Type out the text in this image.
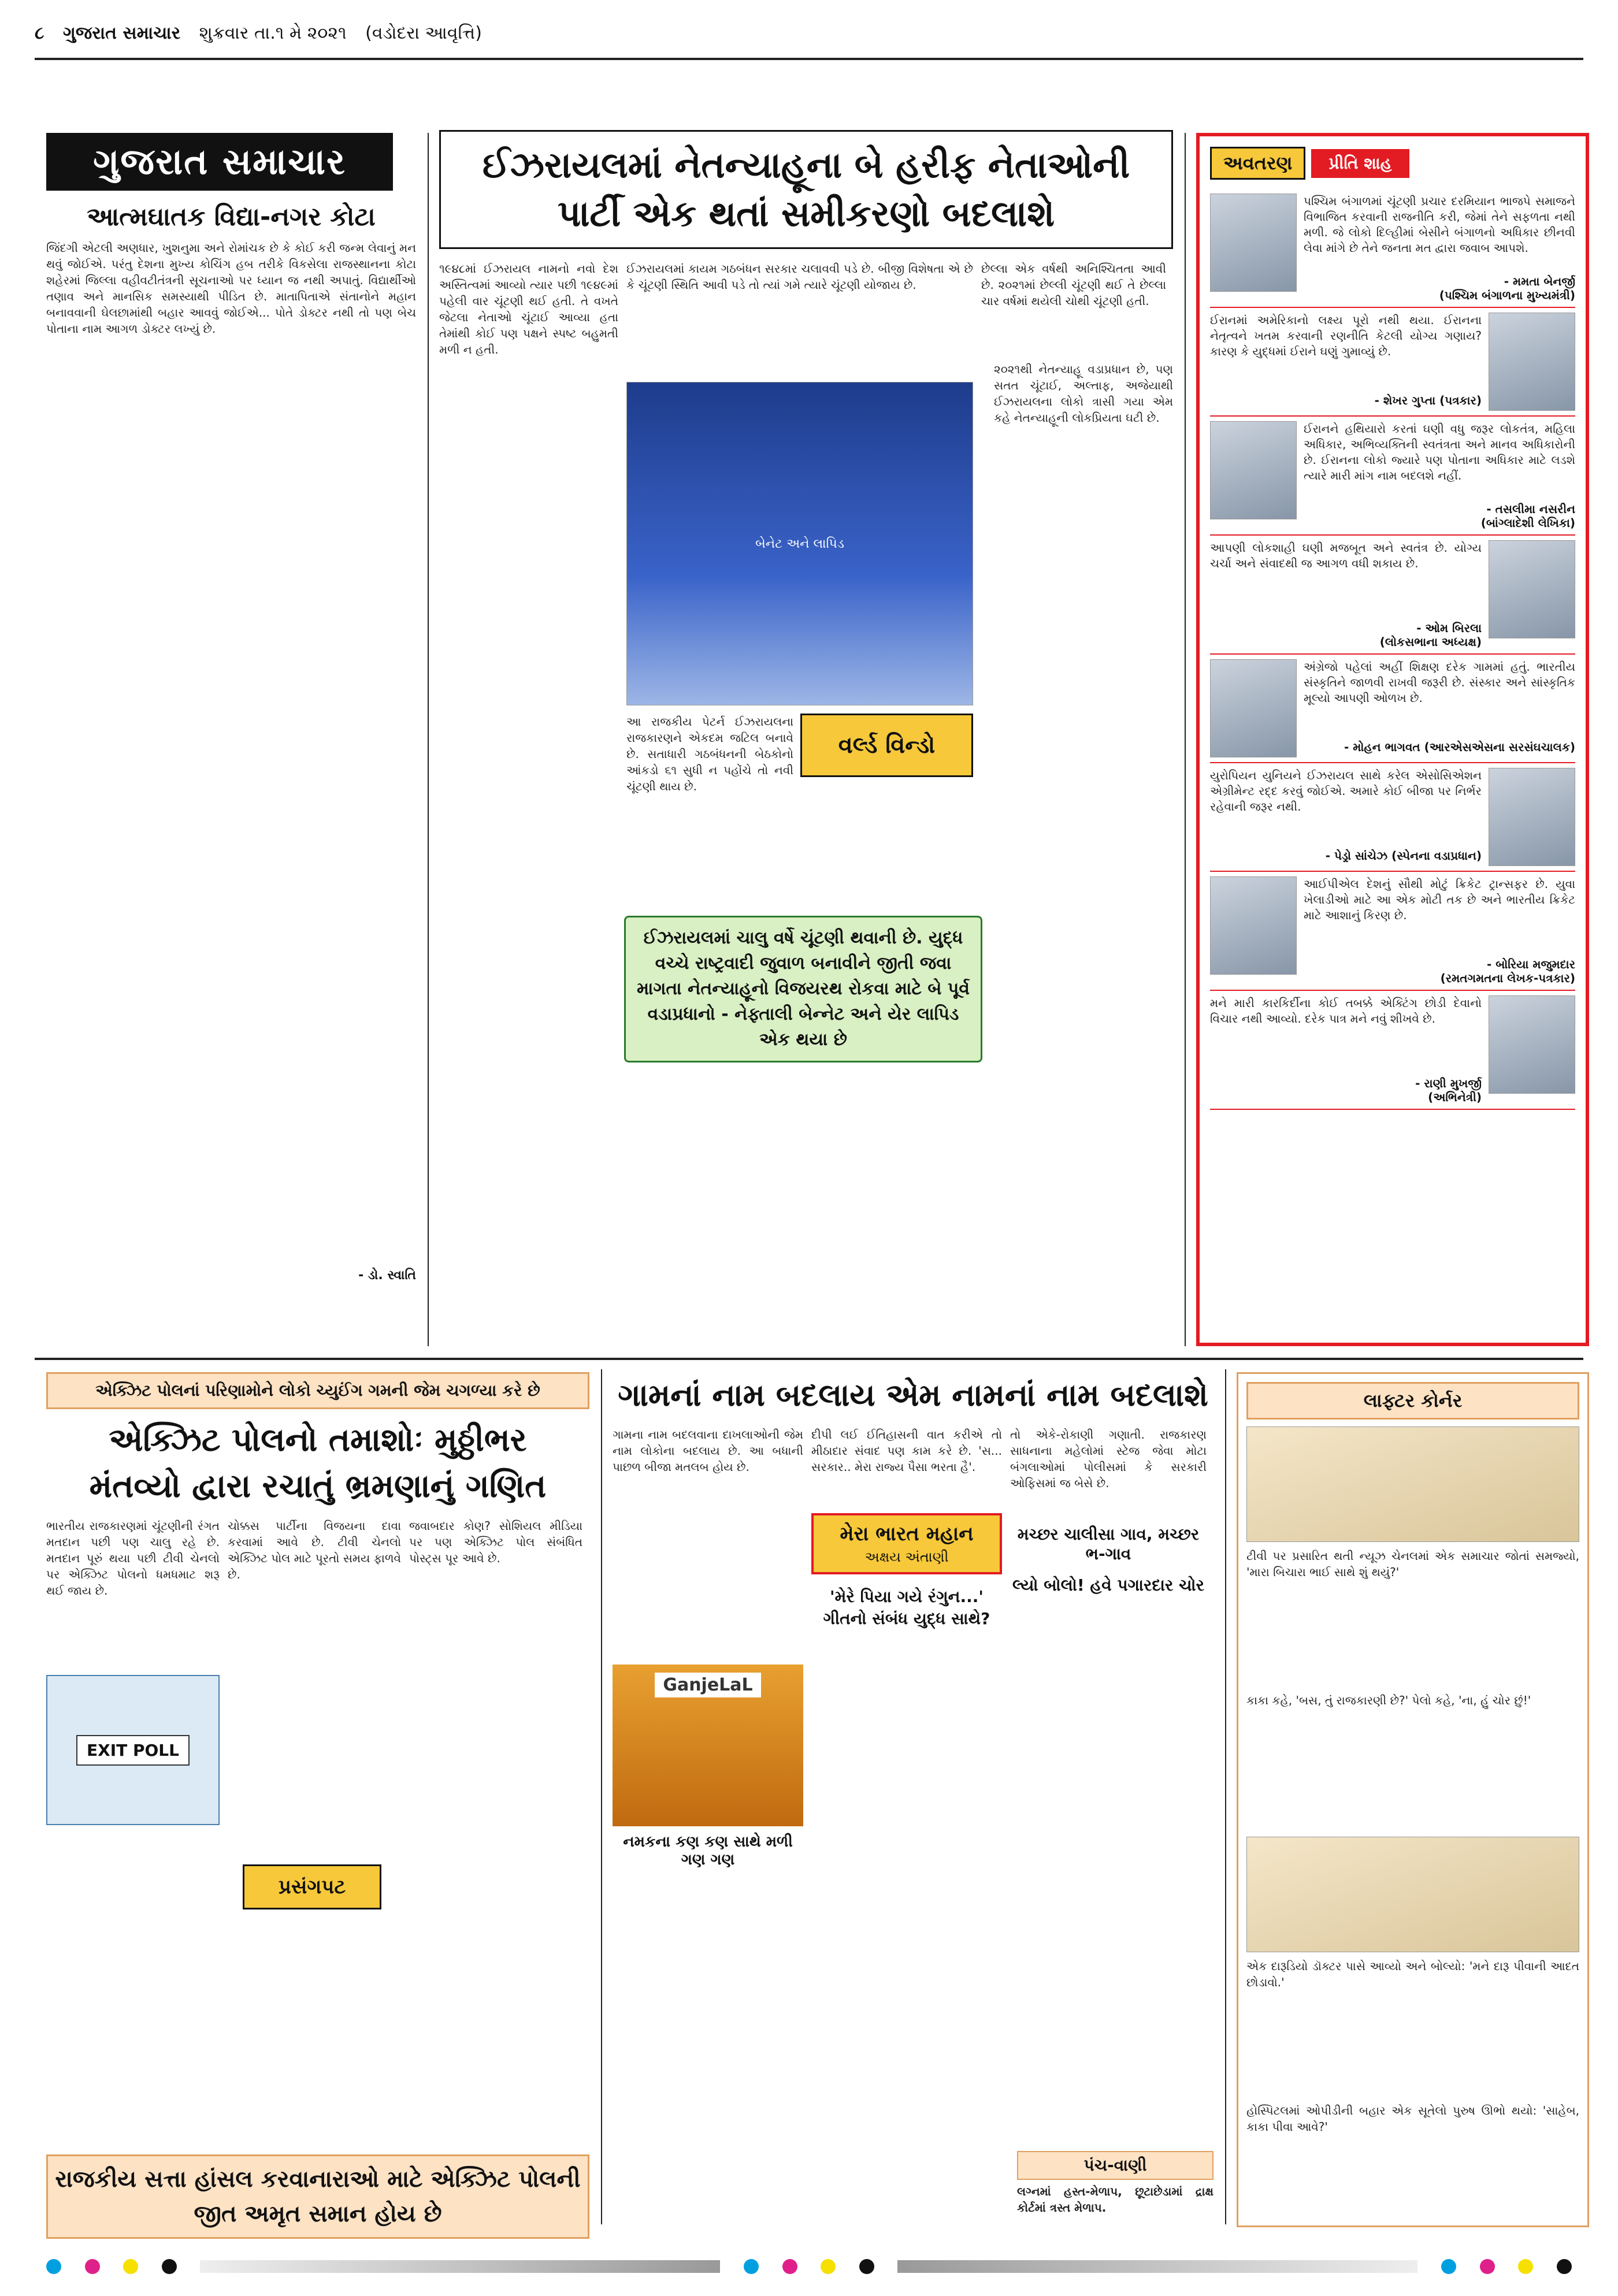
૮ ગુજરાત સમાચાર શુક્રવાર તા.૧ મે ૨૦૨૧ (વડોદરા આવૃત્તિ)
ગુજરાત સમાચાર
આત્મઘાતક વિદ્યા-નગર કોટા
જિંદગી એટલી અણધાર, ખુશનુમા અને રોમાંચક છે કે કોઈ કરી જન્મ લેવાનું મન થવું જોઈએ. પરંતુ દેશના મુખ્ય કોચિંગ હબ તરીકે વિકસેલા રાજસ્થાનના કોટા શહેરમાં જિલ્લા વહીવટીતંત્રની સૂચનાઓ પર ધ્યાન જ નથી અપાતું. વિદ્યાર્થીઓ તણાવ અને માનસિક સમસ્યાથી પીડિત છે. માતાપિતાએ સંતાનોને મહાન બનાવવાની ઘેલછામાંથી બહાર આવવું જોઈએ... પોતે ડોક્ટર નથી તો પણ બેચ પોતાના નામ આગળ ડોક્ટર લખ્યું છે.
- ડો. સ્વાતિ
ઈઝરાયલમાં નેતન્યાહૂના બે હરીફ નેતાઓની
પાર્ટી એક થતાં સમીકરણો બદલાશે
૧૯૪૮માં ઈઝરાયલ નામનો નવો દેશ અસ્તિત્વમાં આવ્યો ત્યાર પછી ૧૯૪૯માં પહેલી વાર ચૂંટણી થઈ હતી. તે વખતે જેટલા નેતાઓ ચૂંટાઈ આવ્યા હતા તેમાંથી કોઈ પણ પક્ષને સ્પષ્ટ બહુમતી મળી ન હતી.
ઈઝરાયલમાં કાયમ ગઠબંધન સરકાર ચલાવવી પડે છે. બીજી વિશેષતા એ છે કે ચૂંટણી સ્થિતિ આવી પડે તો ત્યાં ગમે ત્યારે ચૂંટણી યોજાય છે.
બેનેટ અને લાપિડ
આ રાજકીય પેટર્ન ઈઝરાયલના રાજકારણને એકદમ જટિલ બનાવે છે. સતાધારી ગઠબંધનની બેઠકોનો આંકડો ૬૧ સુધી ન પહોંચે તો નવી ચૂંટણી થાય છે.
વર્લ્ડ વિન્ડો
છેલ્લા એક વર્ષથી અનિશ્ચિતતા આવી છે. ૨૦૨૧માં છેલ્લી ચૂંટણી થઈ તે છેલ્લા ચાર વર્ષમાં થયેલી ચોથી ચૂંટણી હતી.
ઈઝરાયલમાં ચાલુ વર્ષે ચૂંટણી થવાની છે. યુદ્ધ વચ્ચે રાષ્ટ્રવાદી જુવાળ બનાવીને જીતી જવા માગતા નેતન્યાહૂનો વિજયરથ રોકવા માટે બે પૂર્વ વડાપ્રધાનો - નેફ્તાલી બેન્નેટ અને યેર લાપિડ એક થયા છે
૨૦૨૧થી નેતન્યાહૂ વડાપ્રધાન છે, પણ સતત ચૂંટાઈ, અલ્તાફ, અજેયાથી ઈઝરાયલના લોકો ત્રાસી ગયા એમ કહે નેતન્યાહૂની લોકપ્રિયતા ઘટી છે.
અવતરણ	પ્રીતિ શાહ
પશ્ચિમ બંગાળમાં ચૂંટણી પ્રચાર દરમિયાન ભાજપે સમાજને વિભાજિત કરવાની રાજનીતિ કરી, જેમાં તેને સફળતા નથી મળી. જે લોકો દિલ્હીમાં બેસીને બંગાળનો અધિકાર છીનવી લેવા માંગે છે તેને જનતા મત દ્વારા જવાબ આપશે.
- મમતા બેનર્જી
(પશ્ચિમ બંગાળના મુખ્યમંત્રી)
ઈરાનમાં અમેરિકાનો લક્ષ્ય પૂરો નથી થયા. ઈરાનના નેતૃત્વને ખતમ કરવાની રણનીતિ કેટલી યોગ્ય ગણાય? કારણ કે યુદ્ધમાં ઈરાને ઘણું ગુમાવ્યું છે.
- શેખર ગુપ્તા (પત્રકાર)
ઈરાનને હથિયારો કરતાં ઘણી વધુ જરૂર લોકતંત્ર, મહિલા અધિકાર, અભિવ્યક્તિની સ્વતંત્રતા અને માનવ અધિકારોની છે. ઈરાનના લોકો જ્યારે પણ પોતાના અધિકાર માટે લડશે ત્યારે મારી માંગ નામ બદલશે નહીં.
- તસલીમા નસરીન
(બાંગ્લાદેશી લેખિકા)
આપણી લોકશાહી ઘણી મજબૂત અને સ્વતંત્ર છે. યોગ્ય ચર્ચા અને સંવાદથી જ આગળ વધી શકાય છે.
- ઓમ બિરલા
(લોકસભાના અધ્યક્ષ)
અંગ્રેજો પહેલાં અહીં શિક્ષણ દરેક ગામમાં હતું. ભારતીય સંસ્કૃતિને જાળવી રાખવી જરૂરી છે. સંસ્કાર અને સાંસ્કૃતિક મૂલ્યો આપણી ઓળખ છે.
- મોહન ભાગવત (આરએસએસના સરસંઘચાલક)
યુરોપિયન યુનિયને ઈઝરાયલ સાથે કરેલ એસોસિએશન એગ્રીમેન્ટ રદ્દ કરવું જોઈએ. અમારે કોઈ બીજા પર નિર્ભર રહેવાની જરૂર નથી.
- પેડ્રો સાંચેઝ (સ્પેનના વડાપ્રધાન)
આઈપીએલ દેશનું સૌથી મોટું ક્રિકેટ ટ્રાન્સફર છે. યુવા ખેલાડીઓ માટે આ એક મોટી તક છે અને ભારતીય ક્રિકેટ માટે આશાનું કિરણ છે.
- બોરિયા મજુમદાર
(રમતગમતના લેખક-પત્રકાર)
મને મારી કારકિર્દીના કોઈ તબક્કે એક્ટિંગ છોડી દેવાનો વિચાર નથી આવ્યો. દરેક પાત્ર મને નવું શીખવે છે.
- રાણી મુખર્જી
(અભિનેત્રી)
એક્ઝિટ પોલનાં પરિણામોને લોકો ચ્યુઈંગ ગમની જેમ ચગળ્યા કરે છે
એક્ઝિટ પોલનો તમાશોઃ મુઠ્ઠીભર
મંતવ્યો દ્વારા રચાતું ભ્રમણાનું ગણિત
ભારતીય રાજકારણમાં ચૂંટણીની રંગત મતદાન પછી પણ ચાલુ રહે છે. મતદાન પૂરું થયા પછી ટીવી ચેનલો પર એક્ઝિટ પોલનો ધમધમાટ શરૂ થઈ જાય છે.
EXIT POLL
ચોક્કસ પાર્ટીના વિજયના દાવા કરવામાં આવે છે. ટીવી ચેનલો એક્ઝિટ પોલ માટે પૂરતો સમય ફાળવે છે.
જવાબદાર કોણ? સોશિયલ મીડિયા પર પણ એક્ઝિટ પોલ સંબંધિત પોસ્ટ્સ પૂર આવે છે.
પ્રસંગપટ
રાજકીય સત્તા હાંસલ કરવાનારાઓ માટે એક્ઝિટ પોલની જીત અમૃત સમાન હોય છે
ગામનાં નામ બદલાય એમ નામનાં નામ બદલાશે
ગામના નામ બદલવાના દાખલાઓની જેમ નામ લોકોના બદલાય છે. આ બધાની પાછળ બીજા મતલબ હોય છે.
GanjeLaL
નમકના કણ કણ સાથે મળી ગણ ગણ
દીપી લઈ ઈતિહાસની વાત કરીએ તો મીઠાદાર સંવાદ પણ કામ કરે છે. 'સ... સરકાર.. મેરા રાજ્ય પૈસા ભરતા હૈ'.
મેરા ભારત મહાન
અક્ષય અંતાણી
'મેરે પિયા ગયે રંગુન...' ગીતનો સંબંધ યુદ્ધ સાથે?
તો એકે-રોકાણી ગણાતી. રાજકારણ સાધનાના મહેલોમાં સ્ટેજ જેવા મોટા બંગલાઓમાં પોલીસમાં કે સરકારી ઓફિસમાં જ બેસે છે.
મચ્છર ચાલીસા ગાવ, મચ્છર ભ-ગાવ
લ્યો બોલો! હવે પગારદાર ચોર
પંચ-વાણી
લગ્નમાં હસ્ત-મેળાપ, છૂટાછેડામાં દ્રાક્ષ કોર્ટમાં ત્રસ્ત મેળાપ.
લાફ્ટર કોર્નર
ટીવી પર પ્રસારિત થતી ન્યૂઝ ચેનલમાં એક સમાચાર જોતાં સમજ્યો, 'મારા બિચારા ભાઈ સાથે શું થયું?'
કાકા કહે, 'બસ, તું રાજકારણી છે?' પેલો કહે, 'ના, હું ચોર છું!'
એક દારૂડિયો ડૉક્ટર પાસે આવ્યો અને બોલ્યો: 'મને દારૂ પીવાની આદત છોડાવો.'
હોસ્પિટલમાં ઓપીડીની બહાર એક સૂતેલો પુરુષ ઊભો થયો: 'સાહેબ, કાકા પીવા આવે?'
